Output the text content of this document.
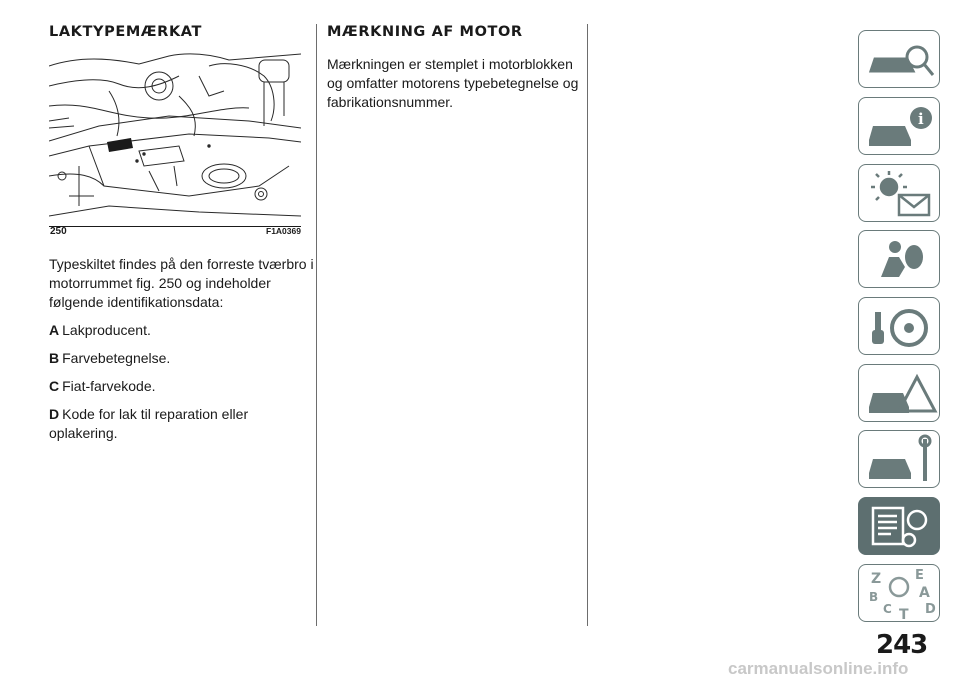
LAKTYPEMÆRKAT
250	F1A0369

Typeskiltet findes på den forreste tværbro i motorrummet fig. 250 og indeholder følgende identifikationsdata:

A Lakproducent.

B Farvebetegnelse.

C Fiat-farvekode.

D Kode for lak til reparation eller oplakering.

MÆRKNING AF MOTOR

Mærkningen er stemplet i motorblokken og omfatter motorens typebetegnelse og fabrikationsnummer.

i
Z	E
A
B
C T D
243
carmanualsonline.info
